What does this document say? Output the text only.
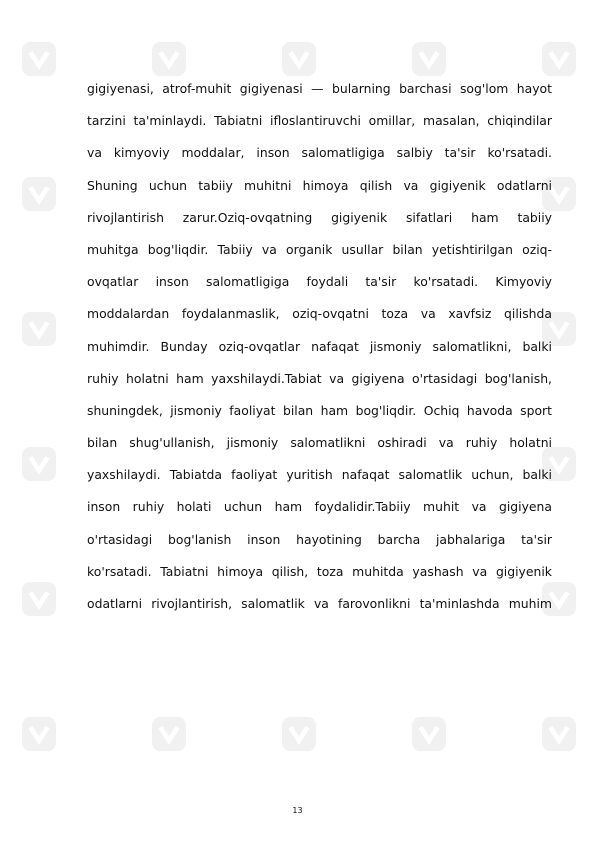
gigiyenasi, atrof-muhit gigiyenasi — bularning barchasi sog'lom hayot
tarzini ta'minlaydi. Tabiatni ifloslantiruvchi omillar, masalan, chiqindilar
va kimyoviy moddalar, inson salomatligiga salbiy ta'sir ko'rsatadi.
Shuning uchun tabiiy muhitni himoya qilish va gigiyenik odatlarni
rivojlantirish zarur.Oziq-ovqatning gigiyenik sifatlari ham tabiiy
muhitga bog'liqdir. Tabiiy va organik usullar bilan yetishtirilgan oziq-
ovqatlar inson salomatligiga foydali ta'sir ko'rsatadi. Kimyoviy
moddalardan foydalanmaslik, oziq-ovqatni toza va xavfsiz qilishda
muhimdir. Bunday oziq-ovqatlar nafaqat jismoniy salomatlikni, balki
ruhiy holatni ham yaxshilaydi.Tabiat va gigiyena o'rtasidagi bog'lanish,
shuningdek, jismoniy faoliyat bilan ham bog'liqdir. Ochiq havoda sport
bilan shug'ullanish, jismoniy salomatlikni oshiradi va ruhiy holatni
yaxshilaydi. Tabiatda faoliyat yuritish nafaqat salomatlik uchun, balki
inson ruhiy holati uchun ham foydalidir.Tabiiy muhit va gigiyena
o'rtasidagi bog'lanish inson hayotining barcha jabhalariga ta'sir
ko'rsatadi. Tabiatni himoya qilish, toza muhitda yashash va gigiyenik
odatlarni rivojlantirish, salomatlik va farovonlikni ta'minlashda muhim
13
